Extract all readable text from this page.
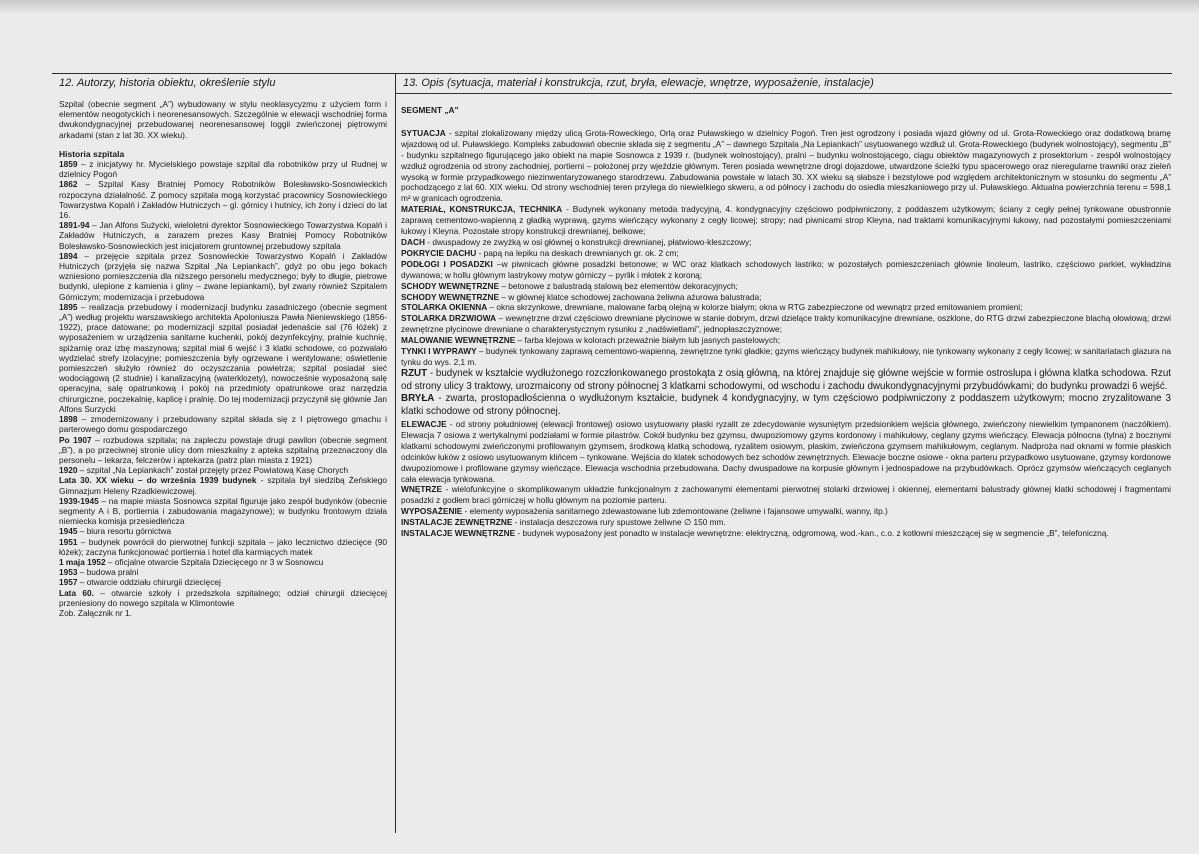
12. Autorzy, historia obiektu, określenie stylu	13. Opis (sytuacja, materiał i konstrukcja, rzut, bryła, elewacje, wnętrze, wyposażenie, instalacje)

Szpital (obecnie segment „A”) wybudowany w stylu neoklasycyzmu z użyciem form i elementów neogotyckich i neorenesansowych. Szczególnie w elewacji wschodniej forma dwukondygnacyjnej przebudowanej neorenesansowej loggii zwieńczonej piętrowymi arkadami (stan z lat 30. XX wieku).

Historia szpitala

1859 – z inicjatywy hr. Mycielskiego powstaje szpital dla robotników przy ul Rudnej w dzielnicy Pogoń

1862 – Szpital Kasy Bratniej Pomocy Robotników Bolesławsko-Sosnowieckich rozpoczyna działalność. Z pomocy szpitala mogą korzystać pracownicy Sosnowieckiego Towarzystwa Kopalń i Zakładów Hutniczych – gl. górnicy i hutnicy, ich żony i dzieci do lat 16.

1891-94 – Jan Alfons Sużycki, wieloletni dyrektor Sosnowieckiego Towarzystwa Kopalń i Zakładów Hutniczych, a zarazem prezes Kasy Bratniej Pomocy Robotników Bolesławsko-Sosnowieckich jest inicjatorem gruntownej przebudowy szpitala

1894 – przejęcie szpitala przez Sosnowieckie Towarzystwo Kopalń i Zakładów Hutniczych (przyjęła się nazwa Szpital „Na Lepiankach”, gdyż po obu jego bokach wzniesiono pomieszczenia dla niższego personelu medycznego; były to długie, pietrowe budynki, ulepione z kamienia i gliny – zwane lepiankami), był zwany również Szpitalem Górniczym; modernizacja i przebudowa

1895 – realizacja przebudowy i modernizacji budynku zasadniczego (obecnie segment „A”) według projektu warszawskiego architekta Apoloniusza Pawła Nieniewskiego (1856-1922), prace datowane; po modernizacji szpital posiadał jedenaście sal (76 łóżek) z wyposażeniem w urządzenia sanitarne kuchenki, pokój dezynfekcyjny, pralnie kuchnię, spiżarnię oraz izbę maszynową; szpital miał 6 wejść i 3 klatki schodowe, co pozwalało wydzielać strefy izolacyjne; pomieszczenia były ogrzewane i wentylowane; oświetlenie pomieszczeń służyło również do oczyszczania powietrza; szpital posiadał sieć wodociągową (2 studnie) i kanalizacyjną (waterklozety), nowocześnie wyposażoną salę operacyjna, salę opatrunkową i pokój na przedmioty opatrunkowe oraz narzędzia chirurgiczne, poczekalnię, kaplicę i pralnię. Do tej modernizacji przyczynił się głównie Jan Alfons Surzycki

1898 – zmodernizowany i przebudowany szpital składa się z I piętrowego gmachu i parterowego domu gospodarczego

Po 1907 – rozbudowa szpitala; na zapleczu powstaje drugi pawilon (obecnie segment „B”), a po przeciwnej stronie ulicy dom mieszkalny z apteka szpitalną przeznaczony dla personelu – lekarza, felczerów i aptekarza (patrz plan miasta z 1921)

1920 – szpital „Na Lepiankach” został przejęty przez Powiatową Kasę Chorych

Lata 30. XX wieku – do września 1939 budynek - szpitala był siedzibą Żeńskiego Gimnazjum Heleny Rzadkiewiczowej.

1939-1945 – na mapie miasta Sosnowca szpital figuruje jako zespół budynków (obecnie segmenty A i B, portiernia i zabudowania magazynowe); w budynku frontowym działa niemiecka komisja przesiedleńcza

1945 – biura resortu górnictwa

1951 – budynek powrócił do pierwotnej funkcji szpitala – jako lecznictwo dziecięce (90 łóżek); zaczyna funkcjonować portiernia i hotel dla karmiących matek

1 maja 1952 – oficjalne otwarcie Szpitala Dziecięcego nr 3 w Sosnowcu

1953 – budowa pralni

1957 – otwarcie oddziału chirurgii dziecięcej

Lata 60. – otwarcie szkoły i przedszkola szpitalnego; odział chirurgii dziecięcej przeniesiony do nowego szpitala w Klimontowie

Zob. Załącznik nr 1.

SEGMENT „A”

SYTUACJA - szpital zlokalizowany między ulicą Grota-Roweckiego, Orlą oraz Puławskiego w dzielnicy Pogoń. Tren jest ogrodzony i posiada wjazd główny od ul. Grota-Roweckiego oraz dodatkową bramę wjazdową od ul. Puławskiego. Kompleks zabudowań obecnie składa się z segmentu „A” – dawnego Szpitala „Na Lepiankach” usytuowanego wzdłuż ul. Grota-Roweckiego (budynek wolnostojący), segmentu „B” - budynku szpitalnego figurującego jako obiekt na mapie Sosnowca z 1939 r. (budynek wolnostojący), pralni – budynku wolnostojącego, ciągu obiektów magazynowych z prosektorium - zespół wolnostojący wzdłuż ogrodzenia od strony zachodniej, portierni – położonej przy wjeździe głównym. Teren posiada wewnętrzne drogi dojazdowe, utwardzone ścieżki typu spacerowego oraz nieregularne trawniki oraz zieleń wysoką w formie przypadkowego niezinwentaryzowanego starodrzewu. Zabudowania powstałe w latach 30. XX wieku są słabsze i bezstylowe pod względem architektonicznym w stosunku do segmentu „A” pochodzącego z lat 60. XIX wieku. Od strony wschodniej teren przylega do niewielkiego skweru, a od północy i zachodu do osiedla mieszkaniowego przy ul. Puławskiego. Aktualna powierzchnia terenu = 598,1 m² w granicach ogrodzenia.

MATERIAŁ, KONSTRUKCJA, TECHNIKA - Budynek wykonany metoda tradycyjną, 4. kondygnacyjny częściowo podpiwniczony, z poddaszem użytkowym; ściany z cegły pełnej tynkowane obustronnie zaprawą cementowo-wapienną z gładką wyprawą, gzyms wieńczący wykonany z cegły licowej; stropy; nad piwnicami strop Kleyna, nad traktami komunikacyjnymi łukowy, nad pozostałymi pomieszczeniami łukowy i Kleyna. Pozostałe stropy konstrukcji drewnianej, belkowe;

DACH - dwuspadowy ze zwyżką w osi głównej o konstrukcji drewnianej, płatwiowo-kleszczowy;

POKRYCIE DACHU - papą na lepiku na deskach drewnianych gr. ok. 2 cm;

PODŁOGI I POSADZKI –w piwnicach główne posadzki betonowe; w WC oraz klatkach schodowych lastriko; w pozostałych pomieszczeniach głównie linoleum, lastriko, częściowo parkiet, wykładzina dywanowa; w hollu głównym lastrykowy motyw górniczy – pyrlik i młotek z koroną;

SCHODY WEWNĘTRZNE – betonowe z balustradą stalową bez elementów dekoracyjnych;

SCHODY WEWNĘTRZNE – w głównej klatce schodowej zachowana żeliwna ażurowa balustrada;

STOLARKA OKIENNA – okna skrzynkowe, drewniane, malowane farbą olejną w kolorze białym; okna w RTG zabezpieczone od wewnątrz przed emitowaniem promieni;

STOLARKA DRZWIOWA – wewnętrzne drzwi częściowo drewniane płycinowe w stanie dobrym, drzwi dzielące trakty komunikacyjne drewniane, oszklone, do RTG drzwi zabezpieczone blachą ołowiową; drzwi zewnętrzne płycinowe drewniane o charakterystycznym rysunku z „nadświetlami”, jednopłaszczyznowe;

MALOWANIE WEWNĘTRZNE – farba klejowa w kolorach przeważnie białym lub jasnych pastelowych;

TYNKI I WYPRAWY – budynek tynkowany zaprawą cementowo-wapienną, zewnętrzne tynki gładkie; gzyms wieńczący budynek mahikułowy, nie tynkowany wykonany z cegły licowej; w sanitariatach glazura na tynku do wys. 2,1 m.

RZUT - budynek w kształcie wydłużonego rozczłonkowanego prostokąta z osią główną, na której znajduje się główne wejście w formie ostroslupa i główna klatka schodowa. Rzut od strony ulicy 3 traktowy, urozmaicony od strony północnej 3 klatkami schodowymi, od wschodu i zachodu dwukondygnacyjnymi przybudówkami; do budynku prowadzi 6 wejść.

BRYŁA - zwarta, prostopadłościenna o wydłużonym kształcie, budynek 4 kondygnacyjny, w tym częściowo podpiwniczony z poddaszem użytkowym; mocno zryzalitowane 3 klatki schodowe od strony północnej.

ELEWACJE - od strony południowej (elewacji frontowej) osiowo usytuowany płaski ryzalit ze zdecydowanie wysuniętym przedsionkiem wejścia głównego, zwieńczony niewielkim tympanonem (naczółkiem). Elewacja 7 osiowa z wertykalnymi podziałami w formie pilastrów. Cokół budynku bez gzymsu, dwupoziomowy gzyms kordonowy i mahikułowy, ceglany gzyms wieńczący. Elewacja północna (tylna) z bocznymi klatkami schodowymi zwieńczonymi profilowanym gzymsem, środkową klatką schodową, ryzalitem osiowym, płaskim, zwieńczona gzymsem mahikułowym, ceglanym. Nadproża nad oknami w formie płaskich odcinków łuków z osiowo usytuowanym klińcem – tynkowane. Wejścia do klatek schodowych bez schodów zewnętrznych. Elewacje boczne osiowe - okna parteru przypadkowo usytuowane, gzymsy kordonowe dwupoziomowe i profilowane gzymsy wieńczące. Elewacja wschodnia przebudowana. Dachy dwuspadowe na korpusie głównym i jednospadowe na przybudówkach. Oprócz gzymsów wieńczących ceglanych cała elewacja tynkowana.

WNĘTRZE - wielofunkcyjne o skomplikowanym układzie funkcjonalnym z zachowanymi elementami pierwotnej stolarki drzwiowej i okiennej, elementami balustrady głównej klatki schodowej i fragmentami posadzki z godłem braci górniczej w hollu głównym na poziomie parteru.

WYPOSAŻENIE - elementy wyposażenia sanitarnego zdewastowane lub zdemontowane (żeliwne i fajansowe umywalki, wanny, itp.)

INSTALACJE ZEWNĘTRZNE - instalacja deszczowa rury spustowe żeliwne ∅ 150 mm.

INSTALACJE WEWNĘTRZNE - budynek wyposażony jest ponadto w instalacje wewnętrzne: elektryczną, odgromową, wod.-kan., c.o. z kotłowni mieszczącej się w segmencie „B”, telefoniczną.
